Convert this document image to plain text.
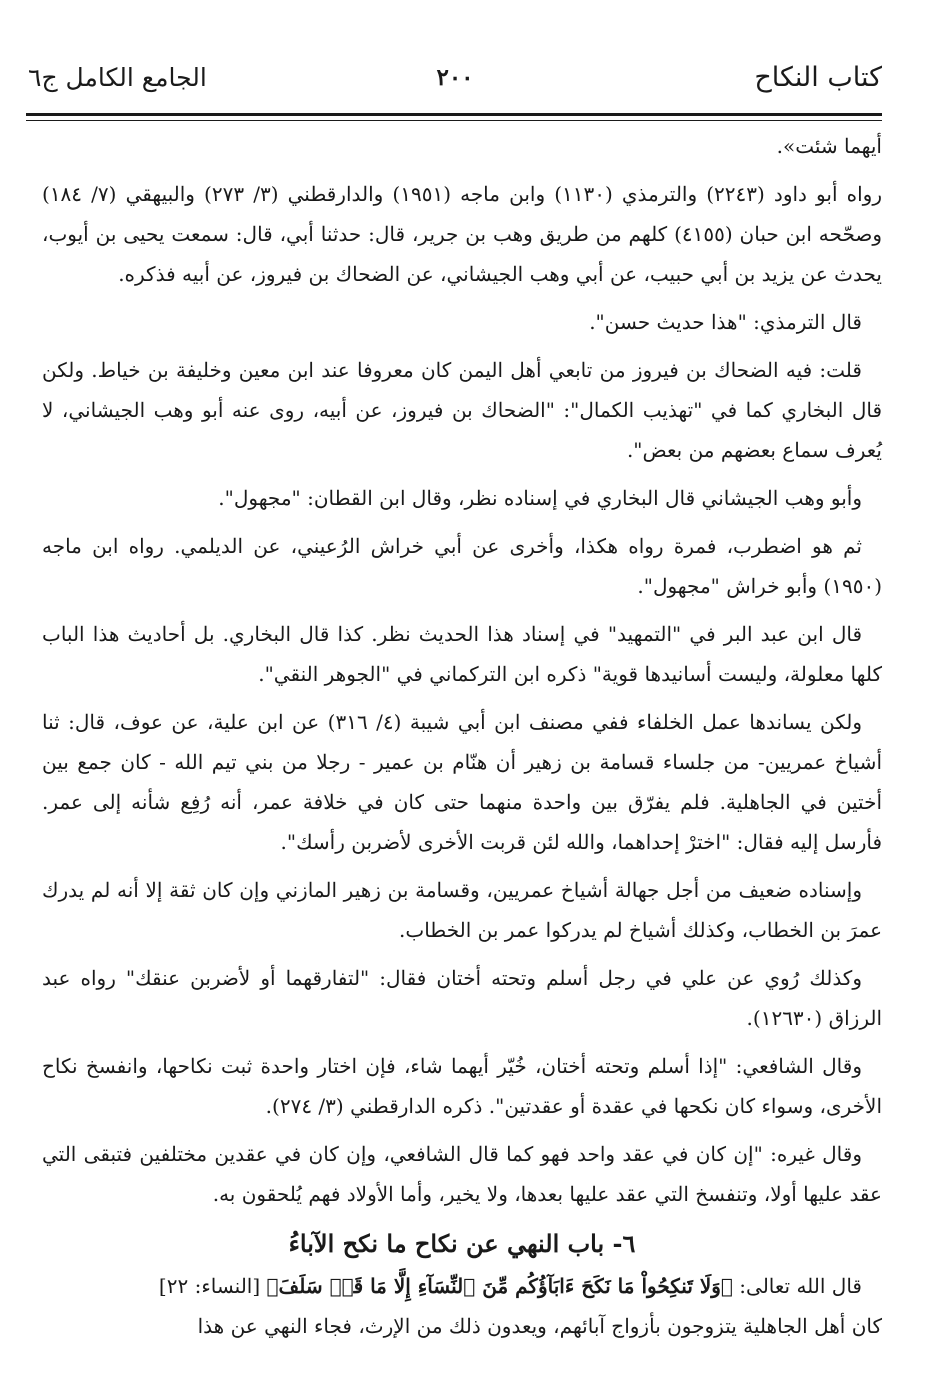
كتاب النكاح
٢٠٠
الجامع الكامل ج٦

أيهما شئت».

رواه أبو داود (٢٢٤٣) والترمذي (١١٣٠) وابن ماجه (١٩٥١) والدارقطني (٣/ ٢٧٣) والبيهقي (٧/ ١٨٤) وصحّحه ابن حبان (٤١٥٥) كلهم من طريق وهب بن جرير، قال: حدثنا أبي، قال: سمعت يحيى بن أيوب، يحدث عن يزيد بن أبي حبيب، عن أبي وهب الجيشاني، عن الضحاك بن فيروز، عن أبيه فذكره.

قال الترمذي: "هذا حديث حسن".

قلت: فيه الضحاك بن فيروز من تابعي أهل اليمن كان معروفا عند ابن معين وخليفة بن خياط. ولكن قال البخاري كما في "تهذيب الكمال": "الضحاك بن فيروز، عن أبيه، روى عنه أبو وهب الجيشاني، لا يُعرف سماع بعضهم من بعض".

وأبو وهب الجيشاني قال البخاري في إسناده نظر، وقال ابن القطان: "مجهول".

ثم هو اضطرب، فمرة رواه هكذا، وأخرى عن أبي خراش الرُعيني، عن الديلمي. رواه ابن ماجه (١٩٥٠) وأبو خراش "مجهول".

قال ابن عبد البر في "التمهيد" في إسناد هذا الحديث نظر. كذا قال البخاري. بل أحاديث هذا الباب كلها معلولة، وليست أسانيدها قوية" ذكره ابن التركماني في "الجوهر النقي".

ولكن يساندها عمل الخلفاء ففي مصنف ابن أبي شيبة (٤/ ٣١٦) عن ابن علية، عن عوف، قال: ثنا أشياخ عمريين- من جلساء قسامة بن زهير أن هنّام بن عمير - رجلا من بني تيم الله - كان جمع بين أختين في الجاهلية. فلم يفرّق بين واحدة منهما حتى كان في خلافة عمر، أنه رُفِع شأنه إلى عمر. فأرسل إليه فقال: "اخترْ إحداهما، والله لئن قربت الأخرى لأضربن رأسك".

وإسناده ضعيف من أجل جهالة أشياخ عمريين، وقسامة بن زهير المازني وإن كان ثقة إلا أنه لم يدرك عمرَ بن الخطاب، وكذلك أشياخ لم يدركوا عمر بن الخطاب.

وكذلك رُوي عن علي في رجل أسلم وتحته أختان فقال: "لتفارقهما أو لأضربن عنقك" رواه عبد الرزاق (١٢٦٣٠).

وقال الشافعي: "إذا أسلم وتحته أختان، خُيّر أيهما شاء، فإن اختار واحدة ثبت نكاحها، وانفسخ نكاح الأخرى، وسواء كان نكحها في عقدة أو عقدتين". ذكره الدارقطني (٣/ ٢٧٤).

وقال غيره: "إن كان في عقد واحد فهو كما قال الشافعي، وإن كان في عقدين مختلفين فتبقى التي عقد عليها أولا، وتنفسخ التي عقد عليها بعدها، ولا يخير، وأما الأولاد فهم يُلحقون به.

٦- باب النهي عن نكاح ما نكح الآباءُ

قال الله تعالى: ﴿وَلَا تَنكِحُواْ مَا نَكَحَ ءَابَآؤُكُم مِّنَ ٱلنِّسَآءِ إِلَّا مَا قَدۡ سَلَفَ﴾ [النساء: ٢٢]

كان أهل الجاهلية يتزوجون بأزواج آبائهم، ويعدون ذلك من الإرث، فجاء النهي عن هذا
